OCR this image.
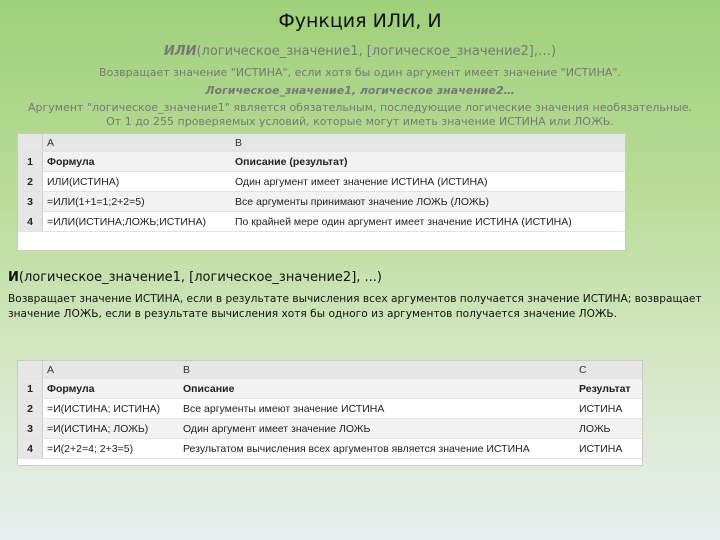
Функция ИЛИ, И
ИЛИ(логическое_значение1, [логическое_значение2],…)
Возвращает значение "ИСТИНА", если хотя бы один аргумент имеет значение "ИСТИНА".
Логическое_значение1, логическое значение2…
Аргумент "логическое_значение1" является обязательным, последующие логические значения необязательные. От 1 до 255 проверяемых условий, которые могут иметь значение ИСТИНА или ЛОЖЬ.
	A	B
1	Формула	Описание (результат)
2	ИЛИ(ИСТИНА)	Один аргумент имеет значение ИСТИНА (ИСТИНА)
3	=ИЛИ(1+1=1;2+2=5)	Все аргументы принимают значение ЛОЖЬ (ЛОЖЬ)
4	=ИЛИ(ИСТИНА;ЛОЖЬ;ИСТИНА)	По крайней мере один аргумент имеет значение ИСТИНА (ИСТИНА)
И(логическое_значение1, [логическое_значение2], ...)
Возвращает значение ИСТИНА, если в результате вычисления всех аргументов получается значение ИСТИНА; возвращает значение ЛОЖЬ, если в результате вычисления хотя бы одного из аргументов получается значение ЛОЖЬ.
	A	B	C
1	Формула	Описание	Результат
2	=И(ИСТИНА; ИСТИНА)	Все аргументы имеют значение ИСТИНА	ИСТИНА
3	=И(ИСТИНА; ЛОЖЬ)	Один аргумент имеет значение ЛОЖЬ	ЛОЖЬ
4	=И(2+2=4; 2+3=5)	Результатом вычисления всех аргументов является значение ИСТИНА	ИСТИНА
